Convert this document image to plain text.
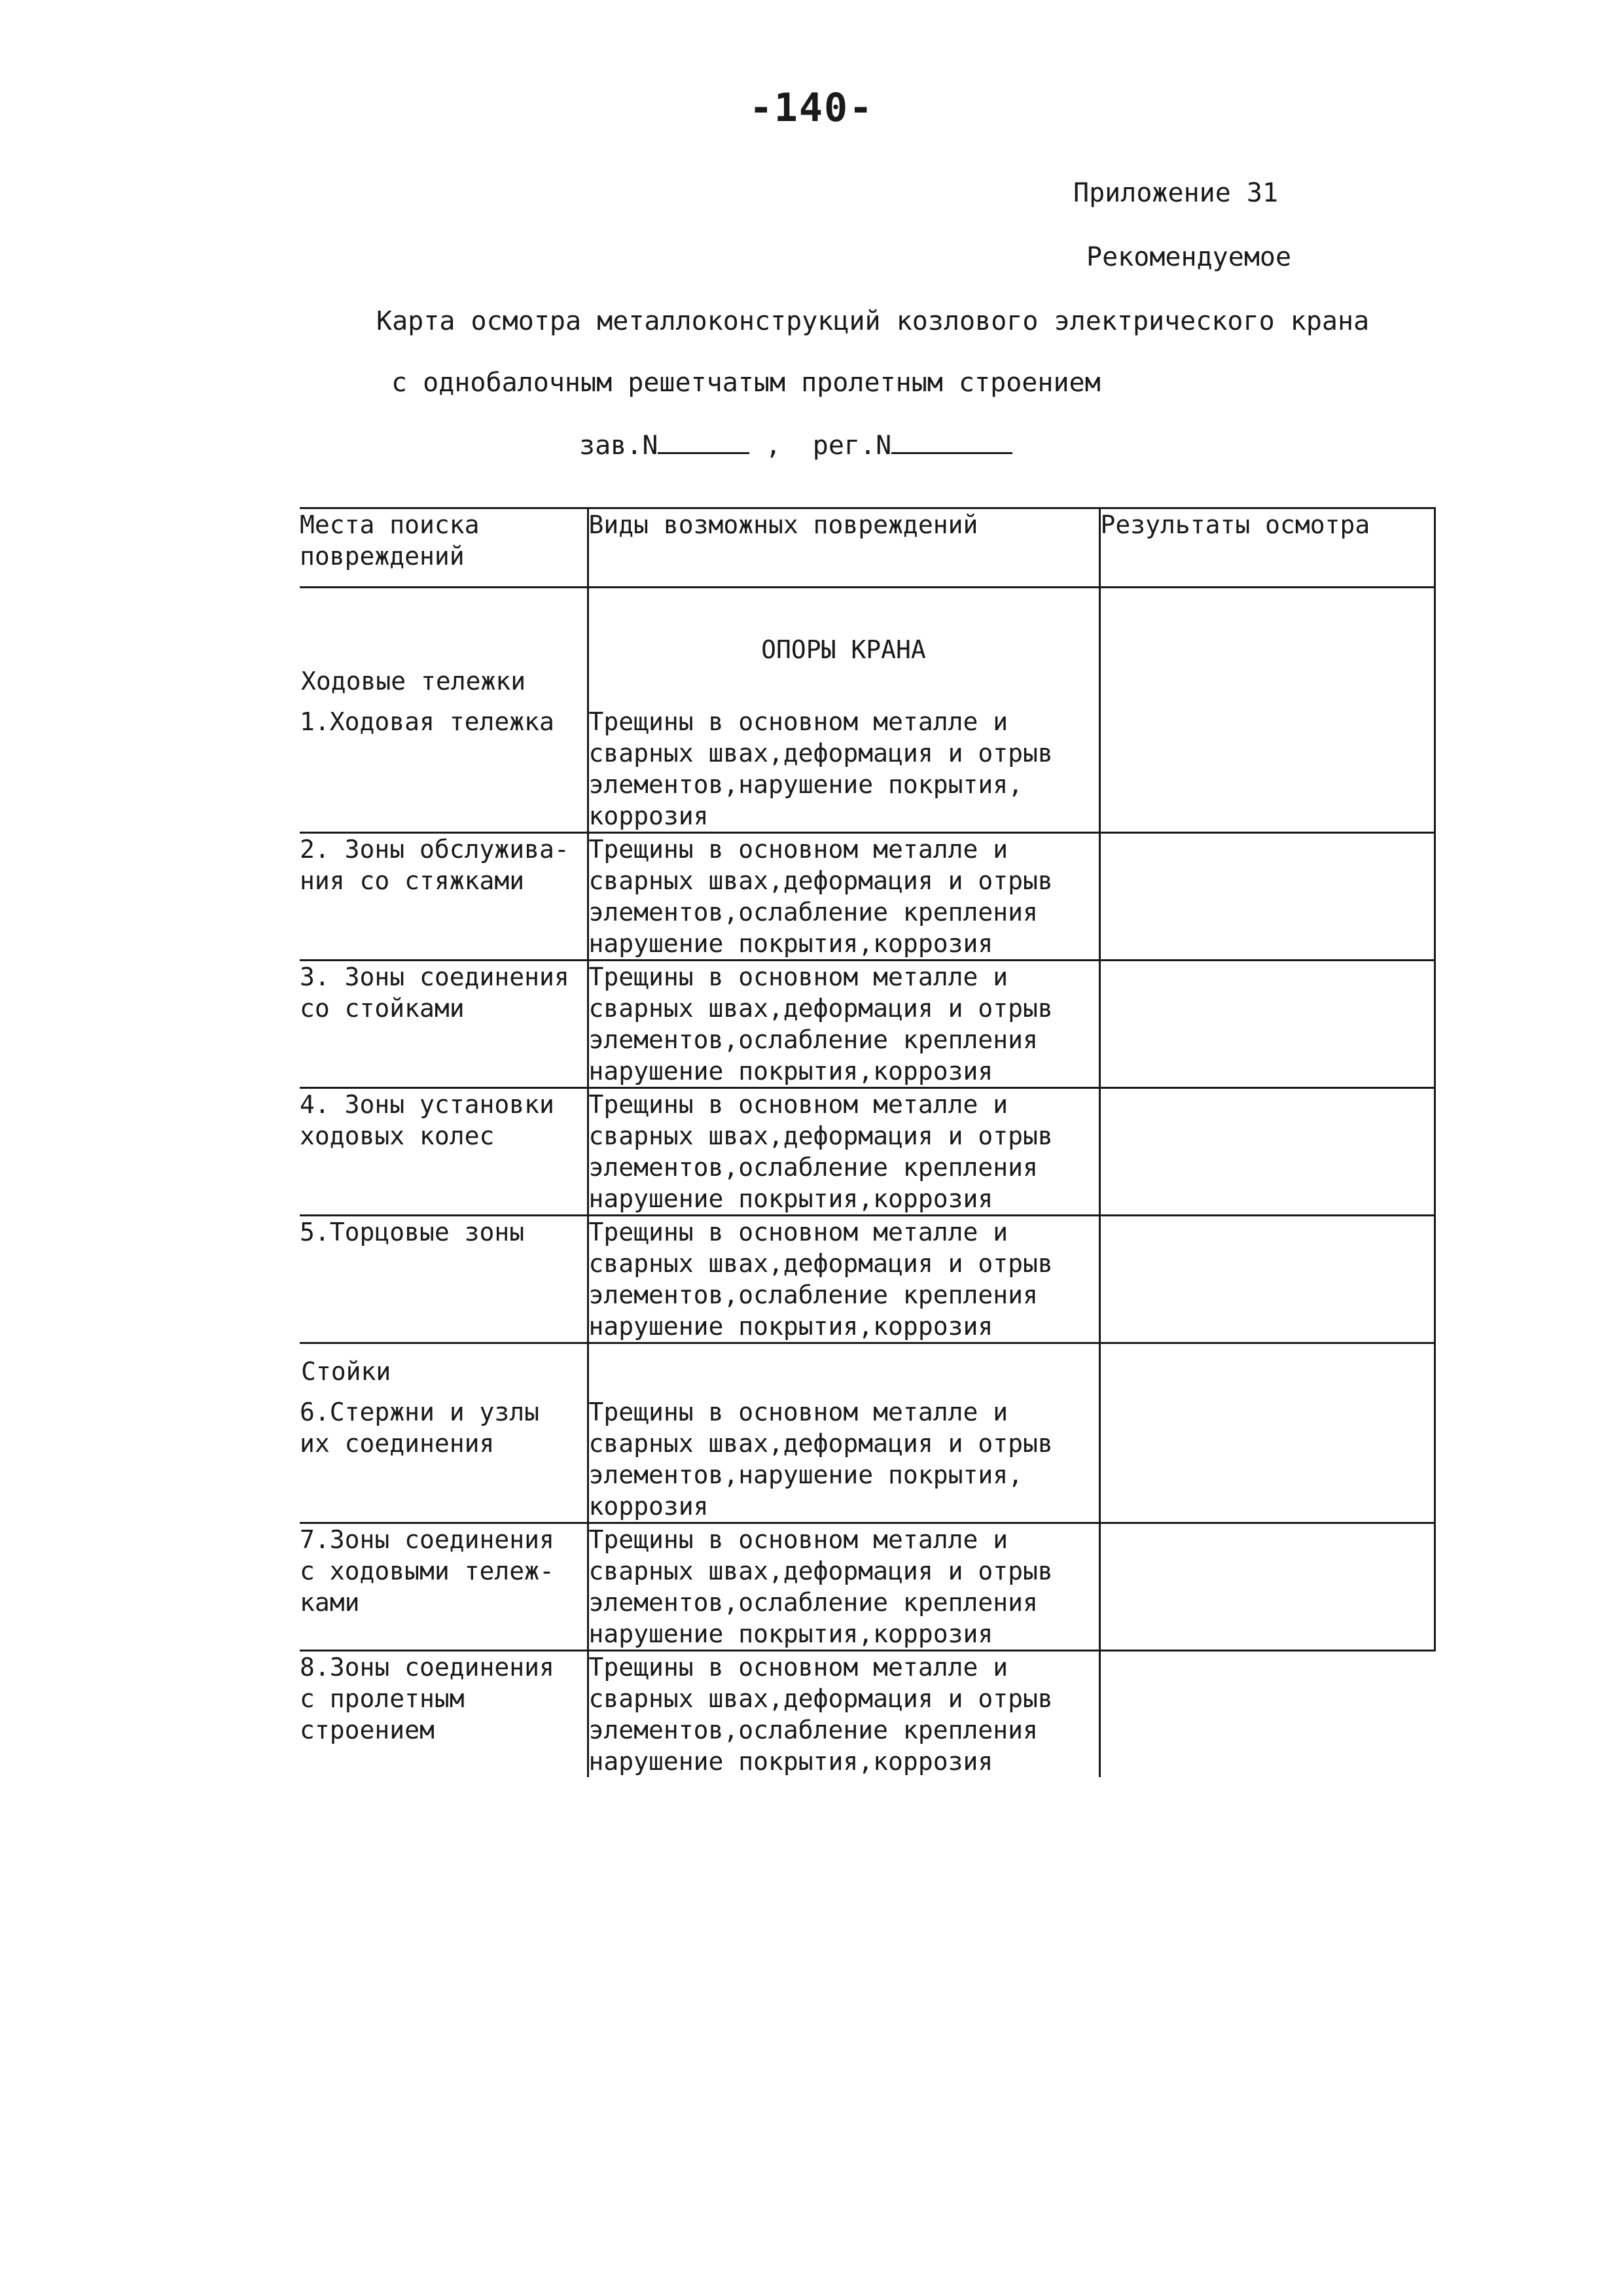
-140-
Приложение 31
Рекомендуемое
Карта осмотра металлоконструкций козлового электрического крана
с однобалочным решетчатым пролетным строением
зав.N	,  рег.N
Места поиска
повреждений	Виды возможных повреждений	Результаты осмотра
	ОПОРЫ КРАНА	
Ходовые тележки		

1.Ходовая тележка	Трещины в основном металле и
сварных швах,деформация и отрыв
элементов,нарушение покрытия,
коррозия	

2. Зоны обслужива-
ния со стяжками	Трещины в основном металле и
сварных швах,деформация и отрыв
элементов,ослабление крепления
нарушение покрытия,коррозия	

3. Зоны соединения
со стойками	Трещины в основном металле и
сварных швах,деформация и отрыв
элементов,ослабление крепления
нарушение покрытия,коррозия	

4. Зоны установки
ходовых колес	Трещины в основном металле и
сварных швах,деформация и отрыв
элементов,ослабление крепления
нарушение покрытия,коррозия	

5.Торцовые зоны	Трещины в основном металле и
сварных швах,деформация и отрыв
элементов,ослабление крепления
нарушение покрытия,коррозия	

Стойки		

6.Стержни и узлы
их соединения	Трещины в основном металле и
сварных швах,деформация и отрыв
элементов,нарушение покрытия,
коррозия	

7.Зоны соединения
с ходовыми тележ-
ками	Трещины в основном металле и
сварных швах,деформация и отрыв
элементов,ослабление крепления
нарушение покрытия,коррозия	

8.Зоны соединения
с пролетным
строением	Трещины в основном металле и
сварных швах,деформация и отрыв
элементов,ослабление крепления
нарушение покрытия,коррозия	
